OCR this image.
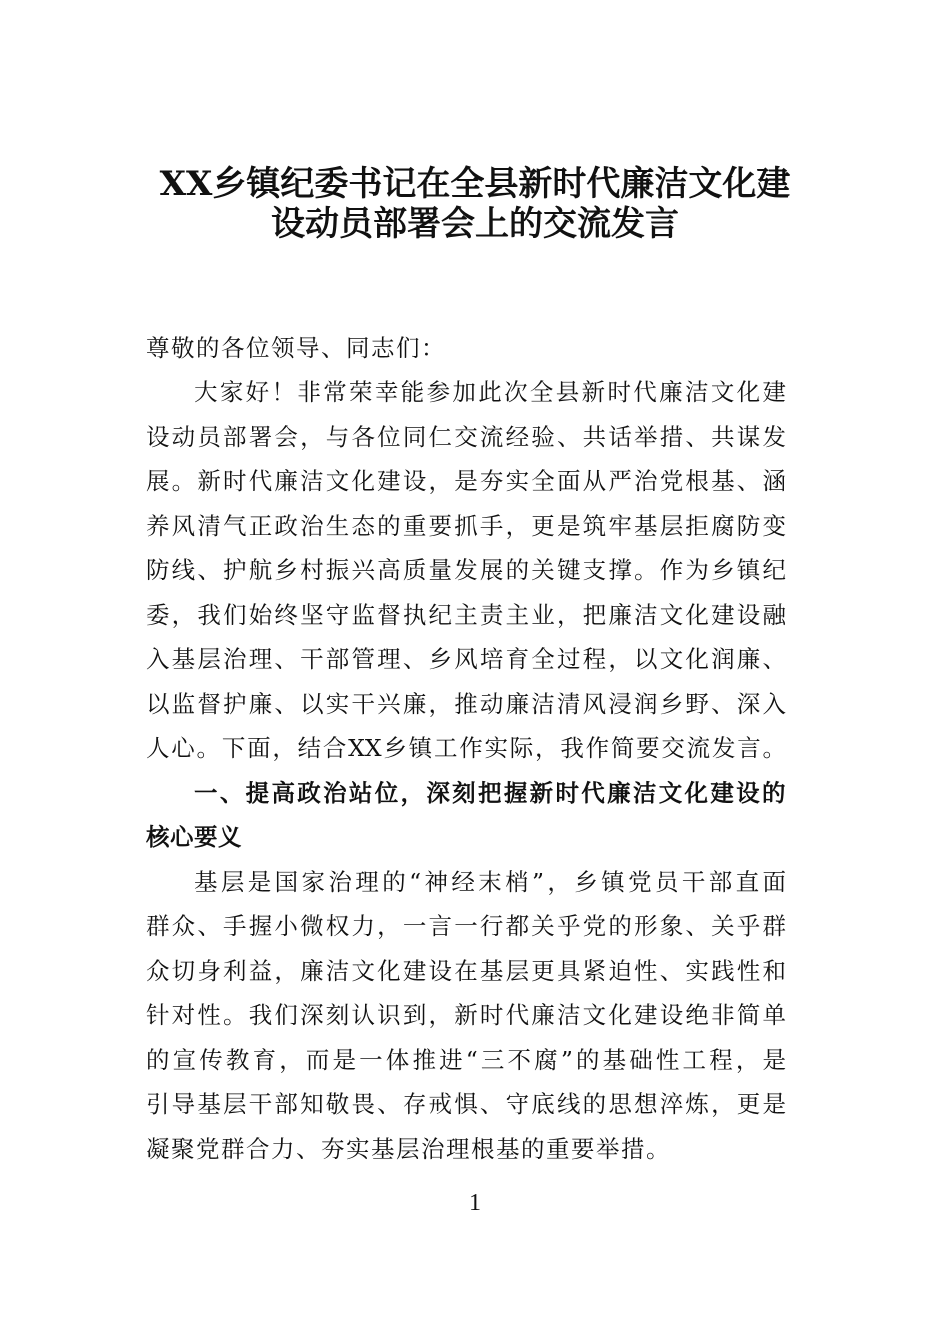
XX乡镇纪委书记在全县新时代廉洁文化建
设动员部署会上的交流发言

尊敬的各位领导、同志们：

大家好！非常荣幸能参加此次全县新时代廉洁文化建

设动员部署会，与各位同仁交流经验、共话举措、共谋发

展。新时代廉洁文化建设，是夯实全面从严治党根基、涵

养风清气正政治生态的重要抓手，更是筑牢基层拒腐防变

防线、护航乡村振兴高质量发展的关键支撑。作为乡镇纪

委，我们始终坚守监督执纪主责主业，把廉洁文化建设融

入基层治理、干部管理、乡风培育全过程，以文化润廉、

以监督护廉、以实干兴廉，推动廉洁清风浸润乡野、深入

人心。下面，结合XX乡镇工作实际，我作简要交流发言。

一、提高政治站位，深刻把握新时代廉洁文化建设的

核心要义

基层是国家治理的“神经末梢”，乡镇党员干部直面

群众、手握小微权力，一言一行都关乎党的形象、关乎群

众切身利益，廉洁文化建设在基层更具紧迫性、实践性和

针对性。我们深刻认识到，新时代廉洁文化建设绝非简单

的宣传教育，而是一体推进“三不腐”的基础性工程，是

引导基层干部知敬畏、存戒惧、守底线的思想淬炼，更是

凝聚党群合力、夯实基层治理根基的重要举措。

1
